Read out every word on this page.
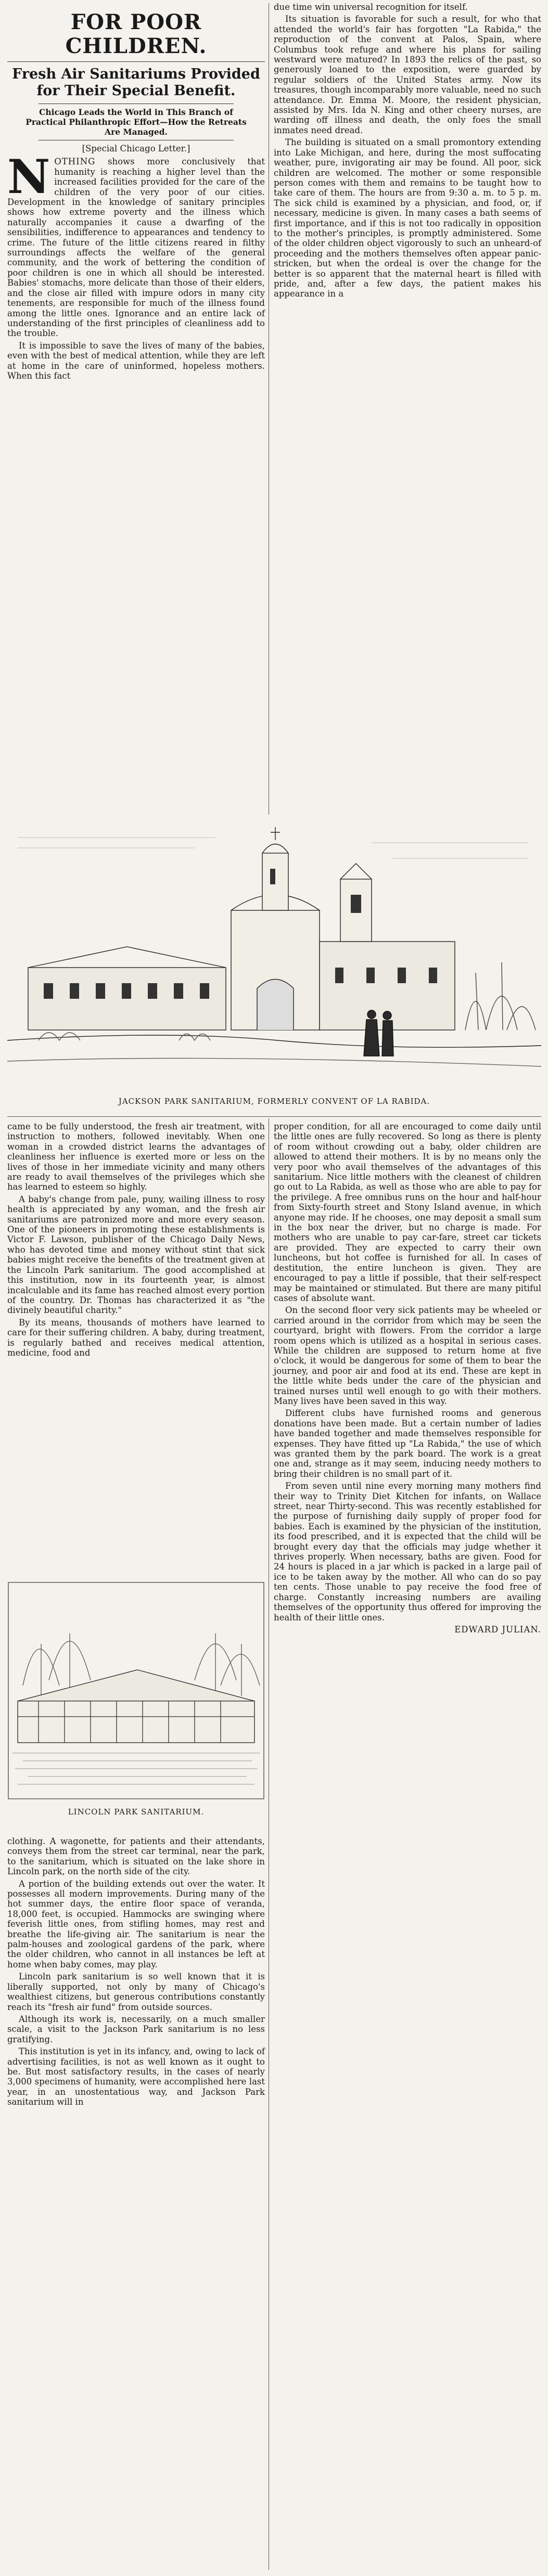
FOR POOR CHILDREN.
Fresh Air Sanitariums Provided for Their Special Benefit.
Chicago Leads the World in This Branch of Practical Philanthropic Effort—How the Retreats Are Managed.
[Special Chicago Letter.]

NOTHING shows more conclusively that humanity is reaching a higher level than the increased facilities provided for the care of the children of the very poor of our cities. Development in the knowledge of sanitary principles shows how extreme poverty and the illness which naturally accompanies it cause a dwarfing of the sensibilities, indifference to appearances and tendency to crime. The future of the little citizens reared in filthy surroundings affects the welfare of the general community, and the work of bettering the condition of poor children is one in which all should be interested. Babies' stomachs, more delicate than those of their elders, and the close air filled with impure odors in many city tenements, are responsible for much of the illness found among the little ones. Ignorance and an entire lack of understanding of the first principles of cleanliness add to the trouble.

It is impossible to save the lives of many of the babies, even with the best of medical attention, while they are left at home in the care of uninformed, hopeless mothers. When this fact

due time win universal recognition for itself.

Its situation is favorable for such a result, for who that attended the world's fair has forgotten "La Rabida," the reproduction of the convent at Palos, Spain, where Columbus took refuge and where his plans for sailing westward were matured? In 1893 the relics of the past, so generously loaned to the exposition, were guarded by regular soldiers of the United States army. Now its treasures, though incomparably more valuable, need no such attendance. Dr. Emma M. Moore, the resident physician, assisted by Mrs. Ida N. King and other cheery nurses, are warding off illness and death, the only foes the small inmates need dread.

The building is situated on a small promontory extending into Lake Michigan, and here, during the most suffocating weather, pure, invigorating air may be found. All poor, sick children are welcomed. The mother or some responsible person comes with them and remains to be taught how to take care of them. The hours are from 9:30 a. m. to 5 p. m. The sick child is examined by a physician, and food, or, if necessary, medicine is given. In many cases a bath seems of first importance, and if this is not too radically in opposition to the mother's principles, is promptly administered. Some of the older children object vigorously to such an unheard-of proceeding and the mothers themselves often appear panic-stricken, but when the ordeal is over the change for the better is so apparent that the maternal heart is filled with pride, and, after a few days, the patient makes his appearance in a

JACKSON PARK SANITARIUM, FORMERLY CONVENT OF LA RABIDA.

came to be fully understood, the fresh air treatment, with instruction to mothers, followed inevitably. When one woman in a crowded district learns the advantages of cleanliness her influence is exerted more or less on the lives of those in her immediate vicinity and many others are ready to avail themselves of the privileges which she has learned to esteem so highly.

A baby's change from pale, puny, wailing illness to rosy health is appreciated by any woman, and the fresh air sanitariums are patronized more and more every season. One of the pioneers in promoting these establishments is Victor F. Lawson, publisher of the Chicago Daily News, who has devoted time and money without stint that sick babies might receive the benefits of the treatment given at the Lincoln Park sanitarium. The good accomplished at this institution, now in its fourteenth year, is almost incalculable and its fame has reached almost every portion of the country. Dr. Thomas has characterized it as "the divinely beautiful charity."

By its means, thousands of mothers have learned to care for their suffering children. A baby, during treatment, is regularly bathed and receives medical attention, medicine, food and

LINCOLN PARK SANITARIUM.

proper condition, for all are encouraged to come daily until the little ones are fully recovered. So long as there is plenty of room without crowding out a baby, older children are allowed to attend their mothers. It is by no means only the very poor who avail themselves of the advantages of this sanitarium. Nice little mothers with the cleanest of children go out to La Rabida, as well as those who are able to pay for the privilege. A free omnibus runs on the hour and half-hour from Sixty-fourth street and Stony Island avenue, in which anyone may ride. If he chooses, one may deposit a small sum in the box near the driver, but no charge is made. For mothers who are unable to pay car-fare, street car tickets are provided. They are expected to carry their own luncheons, but hot coffee is furnished for all. In cases of destitution, the entire luncheon is given. They are encouraged to pay a little if possible, that their self-respect may be maintained or stimulated. But there are many pitiful cases of absolute want.

On the second floor very sick patients may be wheeled or carried around in the corridor from which may be seen the courtyard, bright with flowers. From the corridor a large room opens which is utilized as a hospital in serious cases. While the children are supposed to return home at five o'clock, it would be dangerous for some of them to bear the journey, and poor air and food at its end. These are kept in the little white beds under the care of the physician and trained nurses until well enough to go with their mothers. Many lives have been saved in this way.

Different clubs have furnished rooms and generous donations have been made. But a certain number of ladies have banded together and made themselves responsible for expenses. They have fitted up "La Rabida," the use of which was granted them by the park board. The work is a great one and, strange as it may seem, inducing needy mothers to bring their children is no small part of it.

From seven until nine every morning many mothers find their way to Trinity Diet Kitchen for infants, on Wallace street, near Thirty-second. This was recently established for the purpose of furnishing daily supply of proper food for babies. Each is examined by the physician of the institution, its food prescribed, and it is expected that the child will be brought every day that the officials may judge whether it thrives properly. When necessary, baths are given. Food for 24 hours is placed in a jar which is packed in a large pail of ice to be taken away by the mother. All who can do so pay ten cents. Those unable to pay receive the food free of charge. Constantly increasing numbers are availing themselves of the opportunity thus offered for improving the health of their little ones.

EDWARD JULIAN.

clothing. A wagonette, for patients and their attendants, conveys them from the street car terminal, near the park, to the sanitarium, which is situated on the lake shore in Lincoln park, on the north side of the city.

A portion of the building extends out over the water. It possesses all modern improvements. During many of the hot summer days, the entire floor space of veranda, 18,000 feet, is occupied. Hammocks are swinging where feverish little ones, from stifling homes, may rest and breathe the life-giving air. The sanitarium is near the palm-houses and zoological gardens of the park, where the older children, who cannot in all instances be left at home when baby comes, may play.

Lincoln park sanitarium is so well known that it is liberally supported, not only by many of Chicago's wealthiest citizens, but generous contributions constantly reach its "fresh air fund" from outside sources.

Although its work is, necessarily, on a much smaller scale, a visit to the Jackson Park sanitarium is no less gratifying.

This institution is yet in its infancy, and, owing to lack of advertising facilities, is not as well known as it ought to be. But most satisfactory results, in the cases of nearly 3,000 specimens of humanity, were accomplished here last year, in an unostentatious way, and Jackson Park sanitarium will in
